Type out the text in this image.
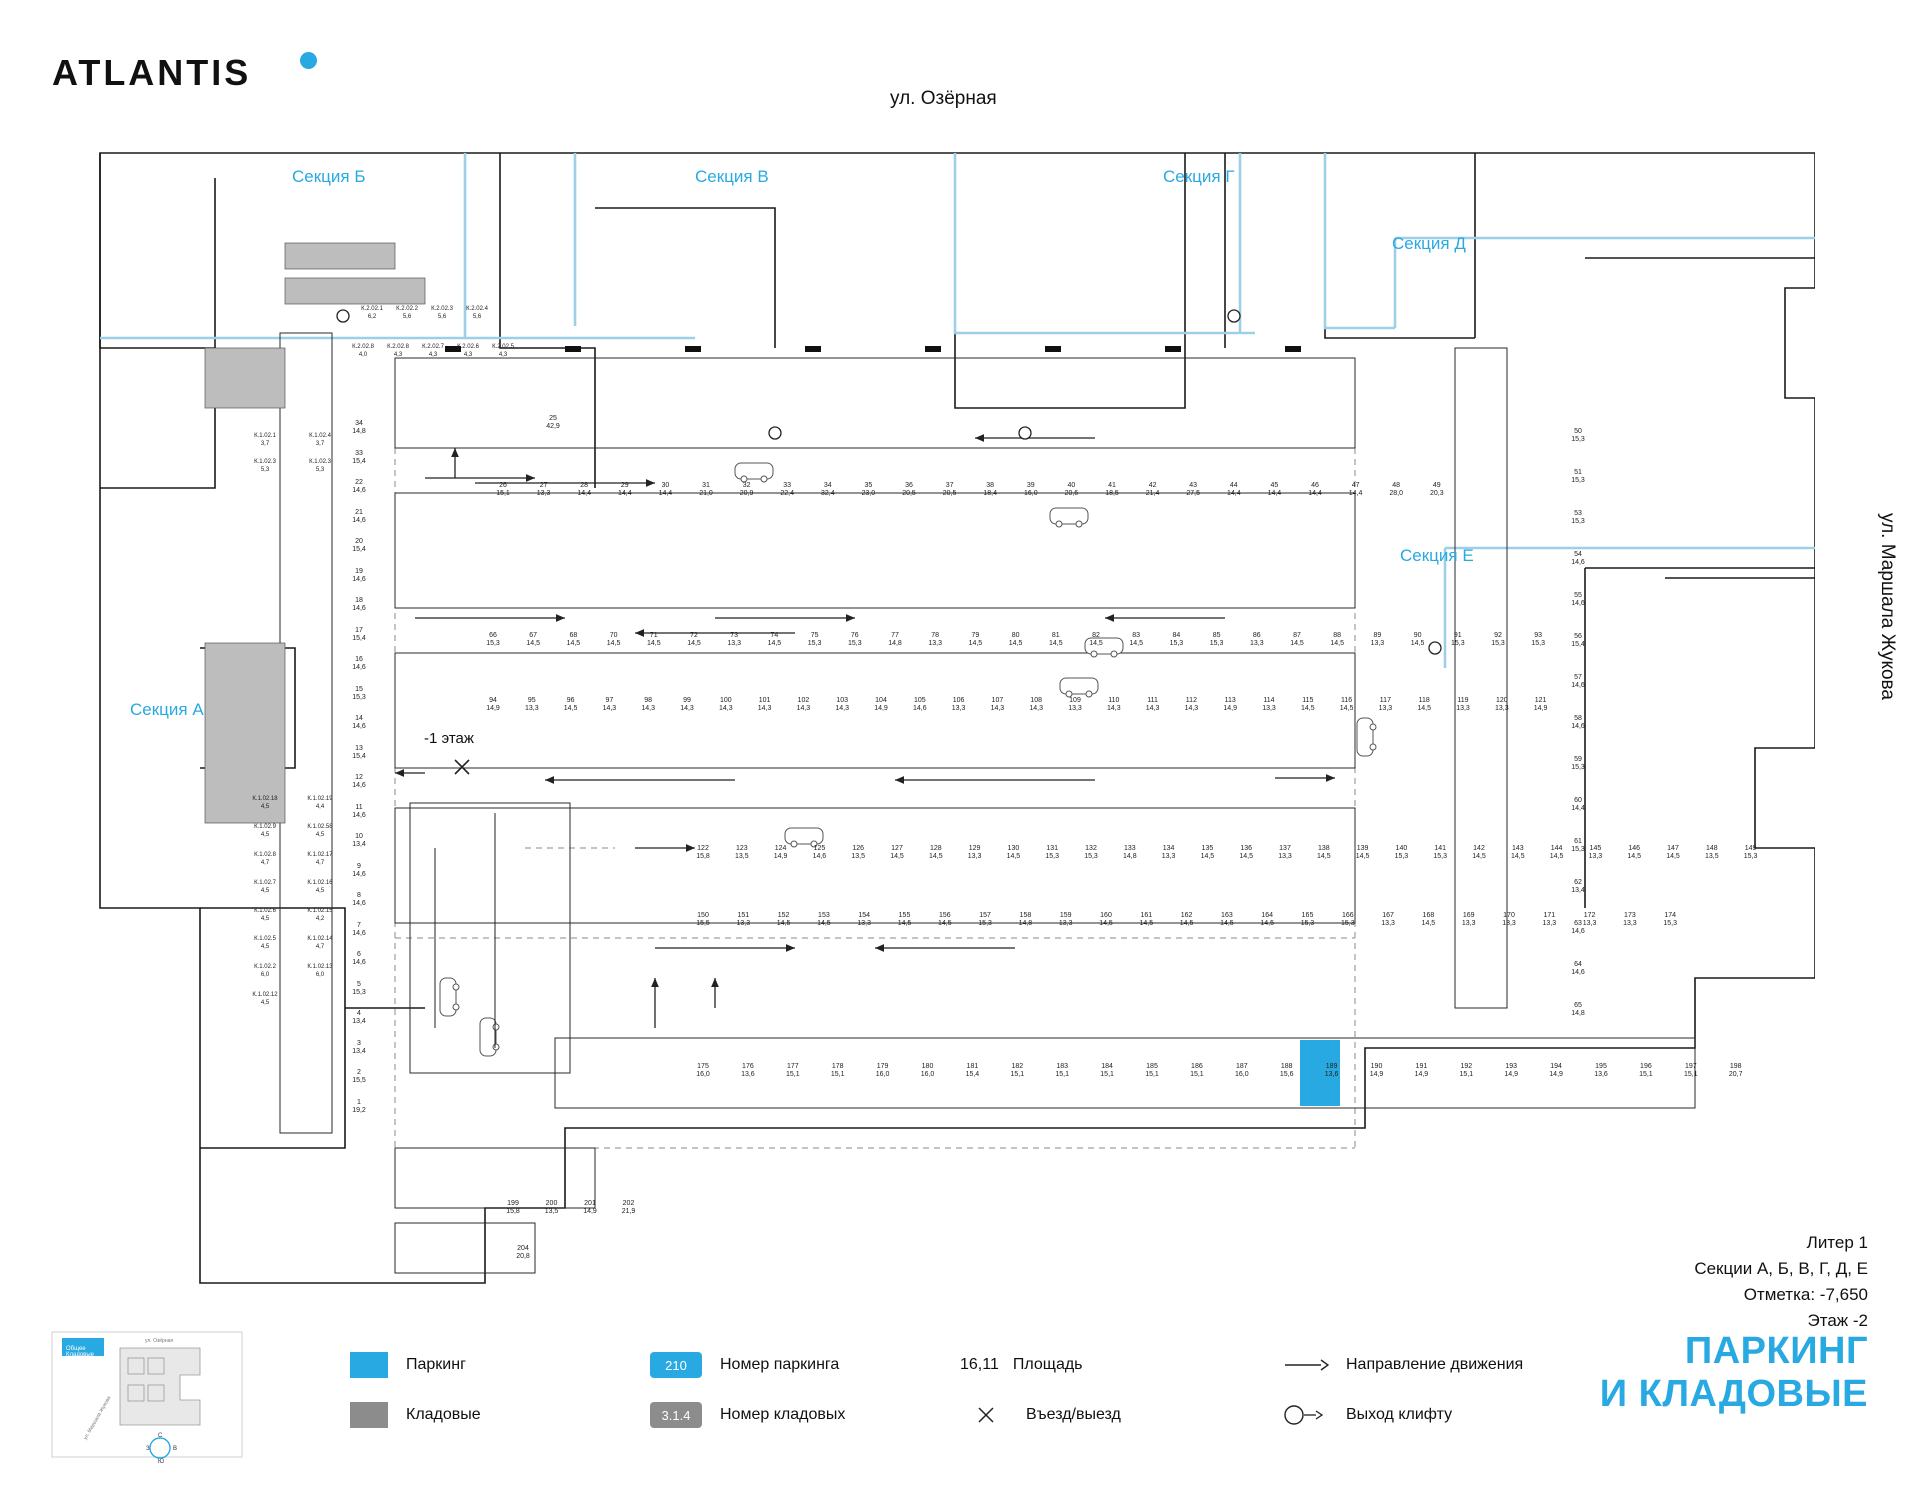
ATLANTIS
ул. Озёрная
ул. Маршала Жукова
Секция А
Секция Б	Секция В	Секция Г
Секция Д
Секция Е
-1 этаж
34
14,8
33
15,4
22
14,6
21
14,6
20
15,4
19
14,6
18
14,6
17
15,4
16
14,6
15
15,3
14
14,6
13
15,4
12
14,6
11
14,6
10
13,4
9
14,6
8
14,6
7
14,6
6
14,6
5
15,3
4
13,4
3
13,4
2
15,5
1
19,2
26
15,1
27
13,3
28
14,4
29
14,4
30
14,4
31
21,0
32
20,9
33
22,4
34
32,4
35
23,0
36
20,5
37
20,5
38
18,4
39
16,0
40
20,6
41
18,5
42
21,4
43
27,5
44
14,4
45
14,4
46
14,4
47
14,4
48
28,0
49
20,3
25
42,9
50
15,3
51
15,3
53
15,3
54
14,6
55
14,6
56
15,4
57
14,6
58
14,6
59
15,3
60
14,4
61
15,3
62
13,4
63
14,6
64
14,6
65
14,8
66
15,3
67
14,5
68
14,5
70
14,5
71
14,5
72
14,5
73
13,3
74
14,5
75
15,3
76
15,3
77
14,8
78
13,3
79
14,5
80
14,5
81
14,5
82
14,5
83
14,5
84
15,3
85
15,3
86
13,3
87
14,5
88
14,5
89
13,3
90
14,5
91
15,3
92
15,3
93
15,3
94
14,9
95
13,3
96
14,5
97
14,3
98
14,3
99
14,3
100
14,3
101
14,3
102
14,3
103
14,3
104
14,9
105
14,6
106
13,3
107
14,3
108
14,3
109
13,3
110
14,3
111
14,3
112
14,3
113
14,9
114
13,3
115
14,5
116
14,5
117
13,3
118
14,5
119
13,3
120
13,3
121
14,9
122
15,8
123
13,5
124
14,9
125
14,6
126
13,5
127
14,5
128
14,5
129
13,3
130
14,5
131
15,3
132
15,3
133
14,8
134
13,3
135
14,5
136
14,5
137
13,3
138
14,5
139
14,5
140
15,3
141
15,3
142
14,5
143
14,5
144
14,5
145
13,3
146
14,5
147
14,5
148
13,5
149
15,3
150
15,5
151
13,3
152
14,5
153
14,5
154
13,3
155
14,5
156
14,5
157
15,3
158
14,8
159
13,3
160
14,5
161
14,5
162
14,5
163
14,5
164
14,5
165
15,3
166
15,3
167
13,3
168
14,5
169
13,3
170
13,3
171
13,3
172
13,3
173
13,3
174
15,3
175
16,0
176
13,6
177
15,1
178
15,1
179
16,0
180
16,0
181
15,4
182
15,1
183
15,1
184
15,1
185
15,1
186
15,1
187
16,0
188
15,6
189
13,6
190
14,9
191
14,9
192
15,1
193
14,9
194
14,9
195
13,6
196
15,1
197
15,1
198
20,7
199
15,8
200
13,5
201
14,9
202
21,9
204
20,8
К.2.02.1
6,2
К.2.02.2
5,6
К.2.02.3
5,6
К.2.02.4
5,6
К.2.02.8
4,0
К.2.02.8
4,3
К.2.02.7
4,3
К.2.02.6
4,3
К.2.02.5
4,3
К.1.02.1
3,7
К.1.02.4
3,7
К.1.02.3
5,3
К.1.02.3
5,3
К.1.02.18
4,5
К.1.02.19
4,4
К.1.02.9
4,5
К.1.02.58
4,5
К.1.02.8
4,7
К.1.02.17
4,7
К.1.02.7
4,5
К.1.02.16
4,5
К.1.02.6
4,5
К.1.02.15
4,2
К.1.02.5
4,5
К.1.02.14
4,7
К.1.02.2
6,0
К.1.02.13
6,0
К.1.02.12
4,5
Литер 1
Секции А, Б, В, Г, Д, Е
Отметка: -7,650
Этаж -2
ПАРКИНГ
И КЛАДОВЫЕ
Общее
Кладовые
ул. Озёрная
ул. Маршала Жукова
З
С
В
Ю
Паркинг	210	Номер паркинга	16,11 Площадь	Направление движения
Кладовые	3.1.4	Номер кладовых	Въезд/выезд	Выход клифту
